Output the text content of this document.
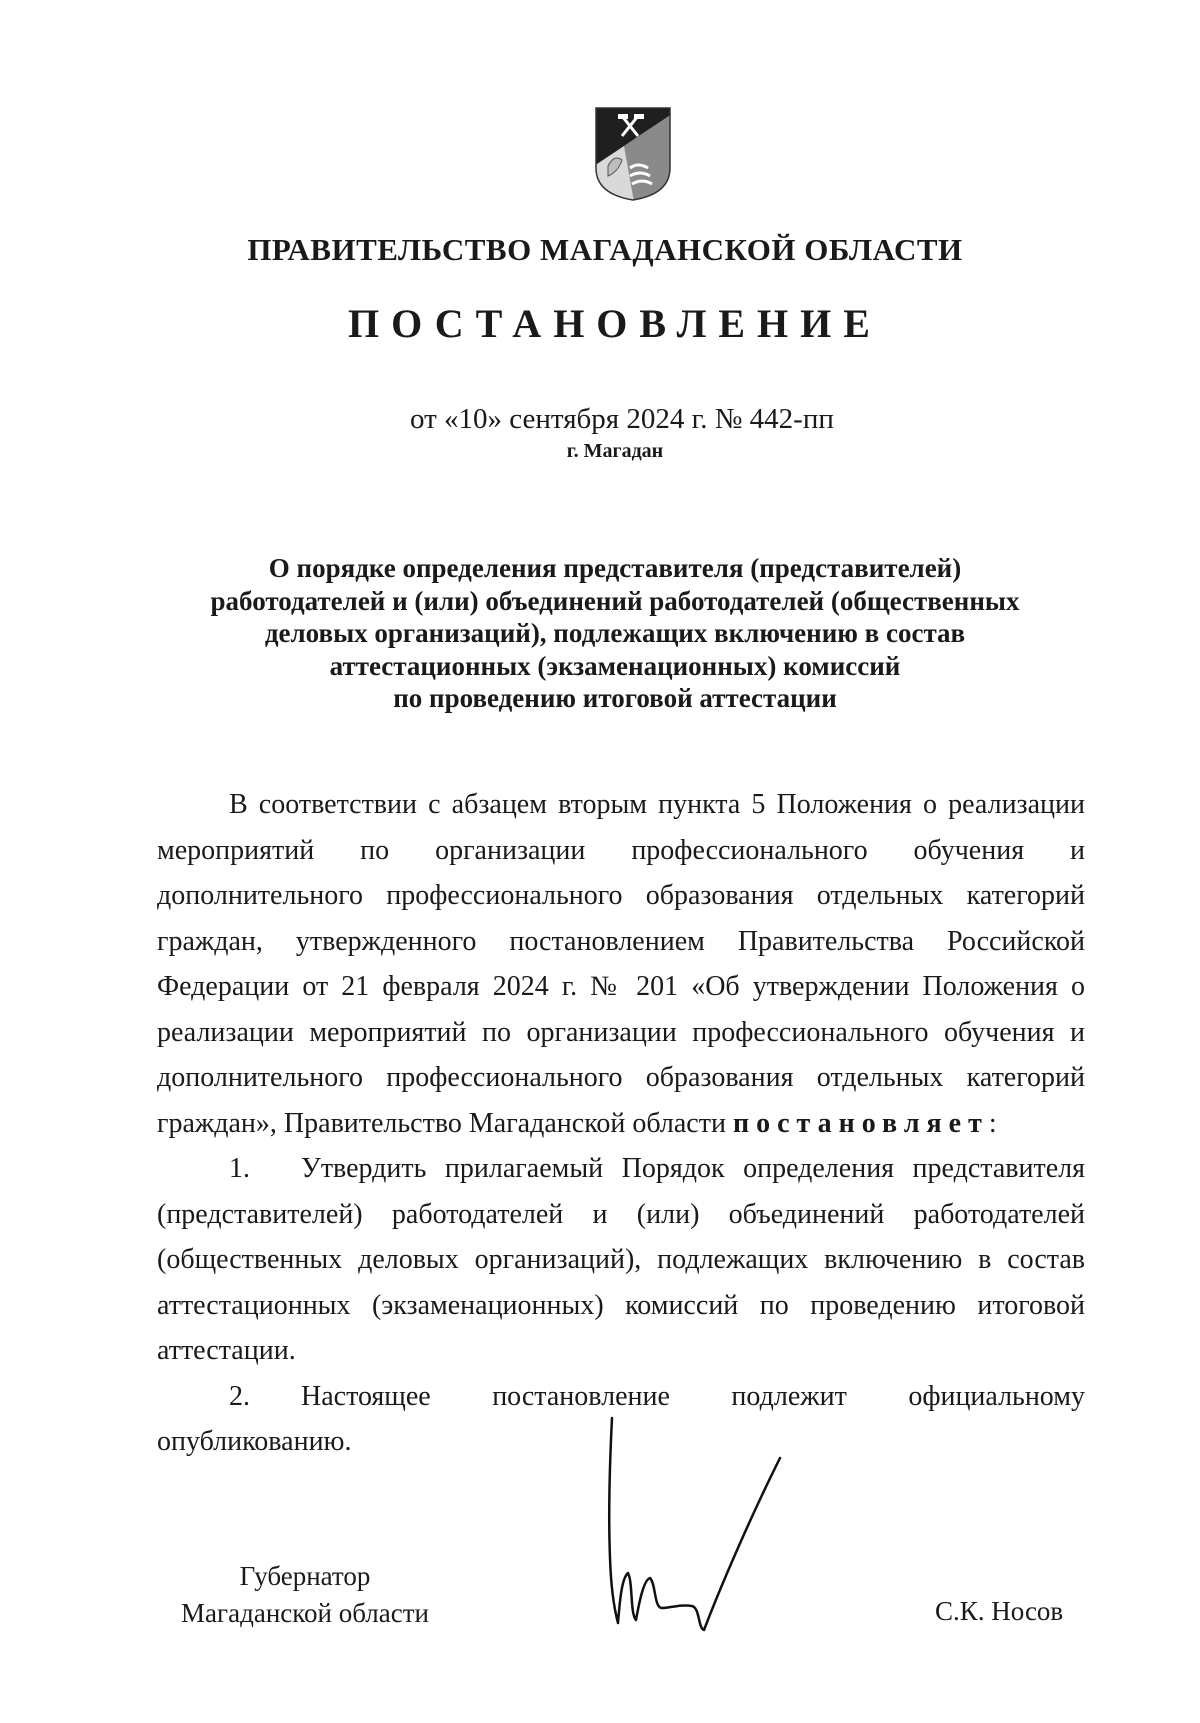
ПРАВИТЕЛЬСТВО МАГАДАНСКОЙ ОБЛАСТИ
ПОСТАНОВЛЕНИЕ
от «10» сентября 2024 г. № 442-пп
г. Магадан
О порядке определения представителя (представителей)
работодателей и (или) объединений работодателей (общественных
деловых организаций), подлежащих включению в состав
аттестационных (экзаменационных) комиссий
по проведению итоговой аттестации

В соответствии с абзацем вторым пункта 5 Положения о реализации мероприятий по организации профессионального обучения и дополнительного профессионального образования отдельных категорий граждан, утвержденного постановлением Правительства Российской Федерации от 21 февраля 2024 г. № 201 «Об утверждении Положения о реализации мероприятий по организации профессионального обучения и дополнительного профессионального образования отдельных категорий граждан», Правительство Магаданской области постановляет:

1. Утвердить прилагаемый Порядок определения представителя (представителей) работодателей и (или) объединений работодателей (общественных деловых организаций), подлежащих включению в состав аттестационных (экзаменационных) комиссий по проведению итоговой аттестации.

2. Настоящее постановление подлежит официальному опубликованию.

Губернатор
Магаданской области	С.К. Носов
